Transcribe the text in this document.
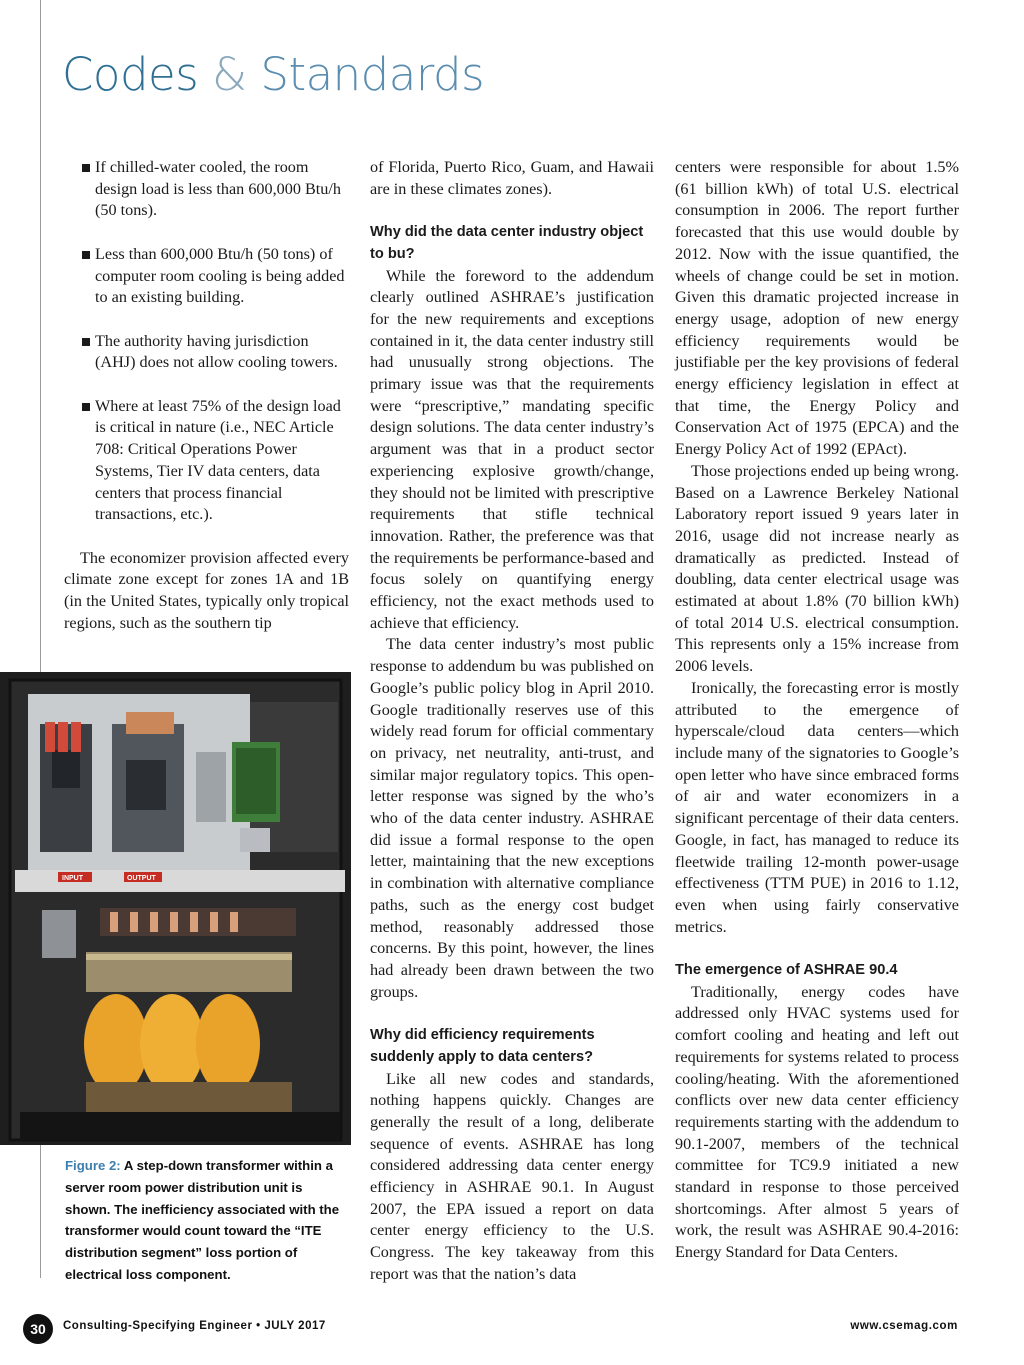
Codes & Standards
If chilled-water cooled, the room design load is less than 600,000 Btu/h (50 tons).
Less than 600,000 Btu/h (50 tons) of computer room cooling is being added to an existing building.
The authority having jurisdiction (AHJ) does not allow cooling towers.
Where at least 75% of the design load is critical in nature (i.e., NEC Article 708: Critical Operations Power Systems, Tier IV data centers, data centers that process financial transactions, etc.).

The economizer provision affected every climate zone except for zones 1A and 1B (in the United States, typically only tropical regions, such as the southern tip

INPUT	OUTPUT
Figure 2: A step-down transformer within a server room power distribution unit is shown. The inefficiency associated with the transformer would count toward the “ITE distribution segment” loss portion of electrical loss component.

of Florida, Puerto Rico, Guam, and Hawaii are in these climates zones).

Why did the data center industry object to bu?

While the foreword to the addendum clearly outlined ASHRAE’s justification for the new requirements and exceptions contained in it, the data center industry still had unusually strong objections. The primary issue was that the requirements were “prescriptive,” mandating specific design solutions. The data center industry’s argument was that in a product sector experiencing explosive growth/change, they should not be limited with prescriptive requirements that stifle technical innovation. Rather, the preference was that the requirements be performance-based and focus solely on quantifying energy efficiency, not the exact methods used to achieve that efficiency.

The data center industry’s most public response to addendum bu was published on Google’s public policy blog in April 2010. Google traditionally reserves use of this widely read forum for official commentary on privacy, net neutrality, anti-trust, and similar major regulatory topics. This open-letter response was signed by the who’s who of the data center industry. ASHRAE did issue a formal response to the open letter, maintaining that the new exceptions in combination with alternative compliance paths, such as the energy cost budget method, reasonably addressed those concerns. By this point, however, the lines had already been drawn between the two groups.

Why did efficiency requirements suddenly apply to data centers?

Like all new codes and standards, nothing happens quickly. Changes are generally the result of a long, deliberate sequence of events. ASHRAE has long considered addressing data center energy efficiency in ASHRAE 90.1. In August 2007, the EPA issued a report on data center energy efficiency to the U.S. Congress. The key takeaway from this report was that the nation’s data

centers were responsible for about 1.5% (61 billion kWh) of total U.S. electrical consumption in 2006. The report further forecasted that this use would double by 2012. Now with the issue quantified, the wheels of change could be set in motion. Given this dramatic projected increase in energy usage, adoption of new energy efficiency requirements would be justifiable per the key provisions of federal energy efficiency legislation in effect at that time, the Energy Policy and Conservation Act of 1975 (EPCA) and the Energy Policy Act of 1992 (EPAct).

Those projections ended up being wrong. Based on a Lawrence Berkeley National Laboratory report issued 9 years later in 2016, usage did not increase nearly as dramatically as predicted. Instead of doubling, data center electrical usage was estimated at about 1.8% (70 billion kWh) of total 2014 U.S. electrical consumption. This represents only a 15% increase from 2006 levels.

Ironically, the forecasting error is mostly attributed to the emergence of hyperscale/cloud data centers—which include many of the signatories to Google’s open letter who have since embraced forms of air and water economizers in a significant percentage of their data centers. Google, in fact, has managed to reduce its fleetwide trailing 12-month power-usage effectiveness (TTM PUE) in 2016 to 1.12, even when using fairly conservative metrics.

The emergence of ASHRAE 90.4

Traditionally, energy codes have addressed only HVAC systems used for comfort cooling and heating and left out requirements for systems related to process cooling/heating. With the aforementioned conflicts over new data center efficiency requirements starting with the addendum to 90.1-2007, members of the technical committee for TC9.9 initiated a new standard in response to those perceived shortcomings. After almost 5 years of work, the result was ASHRAE 90.4-2016: Energy Standard for Data Centers.

30	Consulting-Specifying Engineer • JULY 2017	www.csemag.com
